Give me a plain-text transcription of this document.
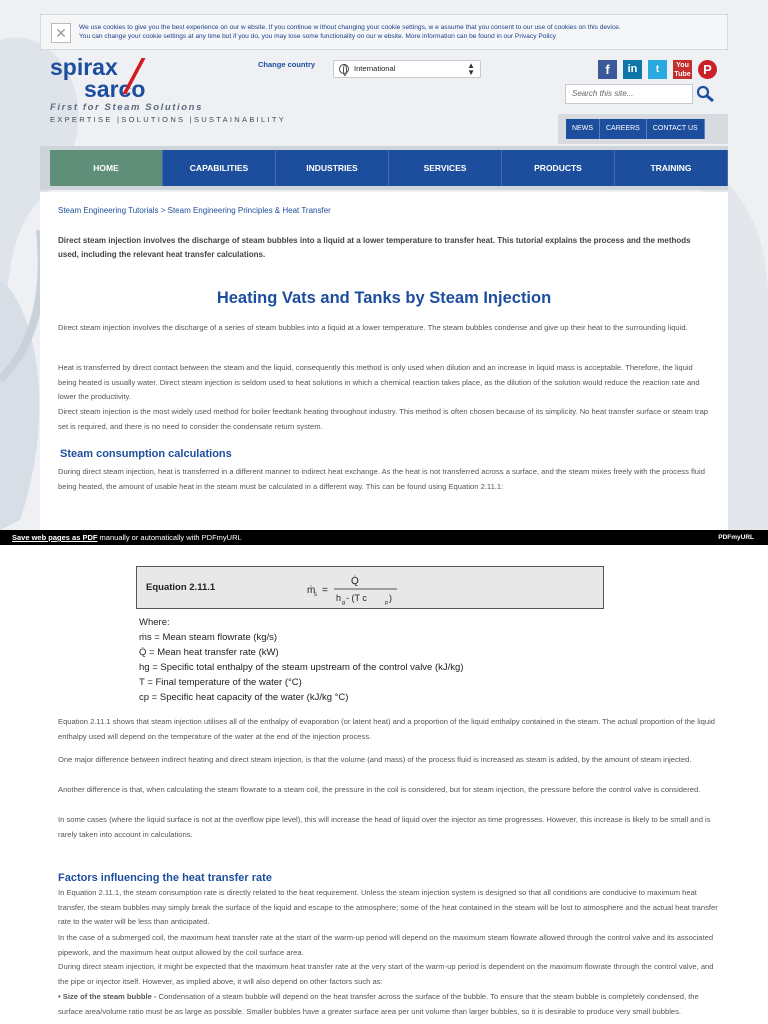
✕	We use cookies to give you the best experience on our w ebsite. If you continue w ithout changing your cookie settings, w e assume that you consent to our use of cookies on this device.
You can change your cookie settings at any time but if you do, you may lose some functionality on our w ebsite. More information can be found in our Privacy Policy
spirax
sarco
First for Steam Solutions
EXPERTISE |SOLUTIONS |SUSTAINABILITY
Change country	International	▲
▼	f	in	t	You Tube P
Search this site...
NEWS	CAREERS	CONTACT US
HOME	CAPABILITIES	INDUSTRIES	SERVICES	PRODUCTS	TRAINING
Steam Engineering Tutorials > Steam Engineering Principles & Heat Transfer
Direct steam injection involves the discharge of steam bubbles into a liquid at a lower temperature to transfer heat. This tutorial explains the process and the methods used, including the relevant heat transfer calculations.
Heating Vats and Tanks by Steam Injection
Direct steam injection involves the discharge of a series of steam bubbles into a liquid at a lower temperature. The steam bubbles condense and give up their heat to the surrounding liquid.
Heat is transferred by direct contact between the steam and the liquid, consequently this method is only used when dilution and an increase in liquid mass is acceptable. Therefore, the liquid being heated is usually water. Direct steam injection is seldom used to heat solutions in which a chemical reaction takes place, as the dilution of the solution would reduce the reaction rate and lower the productivity.
Direct steam injection is the most widely used method for boiler feedtank heating throughout industry. This method is often chosen because of its simplicity. No heat transfer surface or steam trap set is required, and there is no need to consider the condensate return system.
Steam consumption calculations
During direct steam injection, heat is transferred in a different manner to indirect heat exchange. As the heat is not transferred across a surface, and the steam mixes freely with the process fluid being heated, the amount of usable heat in the steam must be calculated in a different way. This can be found using Equation 2.11.1:
Save web pages as PDF manually or automatically with PDFmyURL	PDFmyURL
Equation 2.11.1	ṁ
s =
Q̇
h g - (T c	p )
Where:
ṁs = Mean steam flowrate (kg/s)
Q̇ = Mean heat transfer rate (kW)
hg = Specific total enthalpy of the steam upstream of the control valve (kJ/kg)
T = Final temperature of the water (°C)
cp = Specific heat capacity of the water (kJ/kg °C)
Equation 2.11.1 shows that steam injection utilises all of the enthalpy of evaporation (or latent heat) and a proportion of the liquid enthalpy contained in the steam. The actual proportion of the liquid enthalpy used will depend on the temperature of the water at the end of the injection process.
One major difference between indirect heating and direct steam injection, is that the volume (and mass) of the process fluid is increased as steam is added, by the amount of steam injected.
Another difference is that, when calculating the steam flowrate to a steam coil, the pressure in the coil is considered, but for steam injection, the pressure before the control valve is considered.
In some cases (where the liquid surface is not at the overflow pipe level), this will increase the head of liquid over the injector as time progresses. However, this increase is likely to be small and is rarely taken into account in calculations.
Factors influencing the heat transfer rate
In Equation 2.11.1, the steam consumption rate is directly related to the heat requirement. Unless the steam injection system is designed so that all conditions are conducive to maximum heat transfer, the steam bubbles may simply break the surface of the liquid and escape to the atmosphere; some of the heat contained in the steam will be lost to atmosphere and the actual heat transfer rate to the water will be less than anticipated.
In the case of a submerged coil, the maximum heat transfer rate at the start of the warm-up period will depend on the maximum steam flowrate allowed through the control valve and its associated pipework, and the maximum heat output allowed by the coil surface area.
During direct steam injection, it might be expected that the maximum heat transfer rate at the very start of the warm-up period is dependent on the maximum flowrate through the control valve, and the pipe or injector itself. However, as implied above, it will also depend on other factors such as:
• Size of the steam bubble - Condensation of a steam bubble will depend on the heat transfer across the surface of the bubble. To ensure that the steam bubble is completely condensed, the surface area/volume ratio must be as large as possible. Smaller bubbles have a greater surface area per unit volume than larger bubbles, so it is desirable to produce very small bubbles.
